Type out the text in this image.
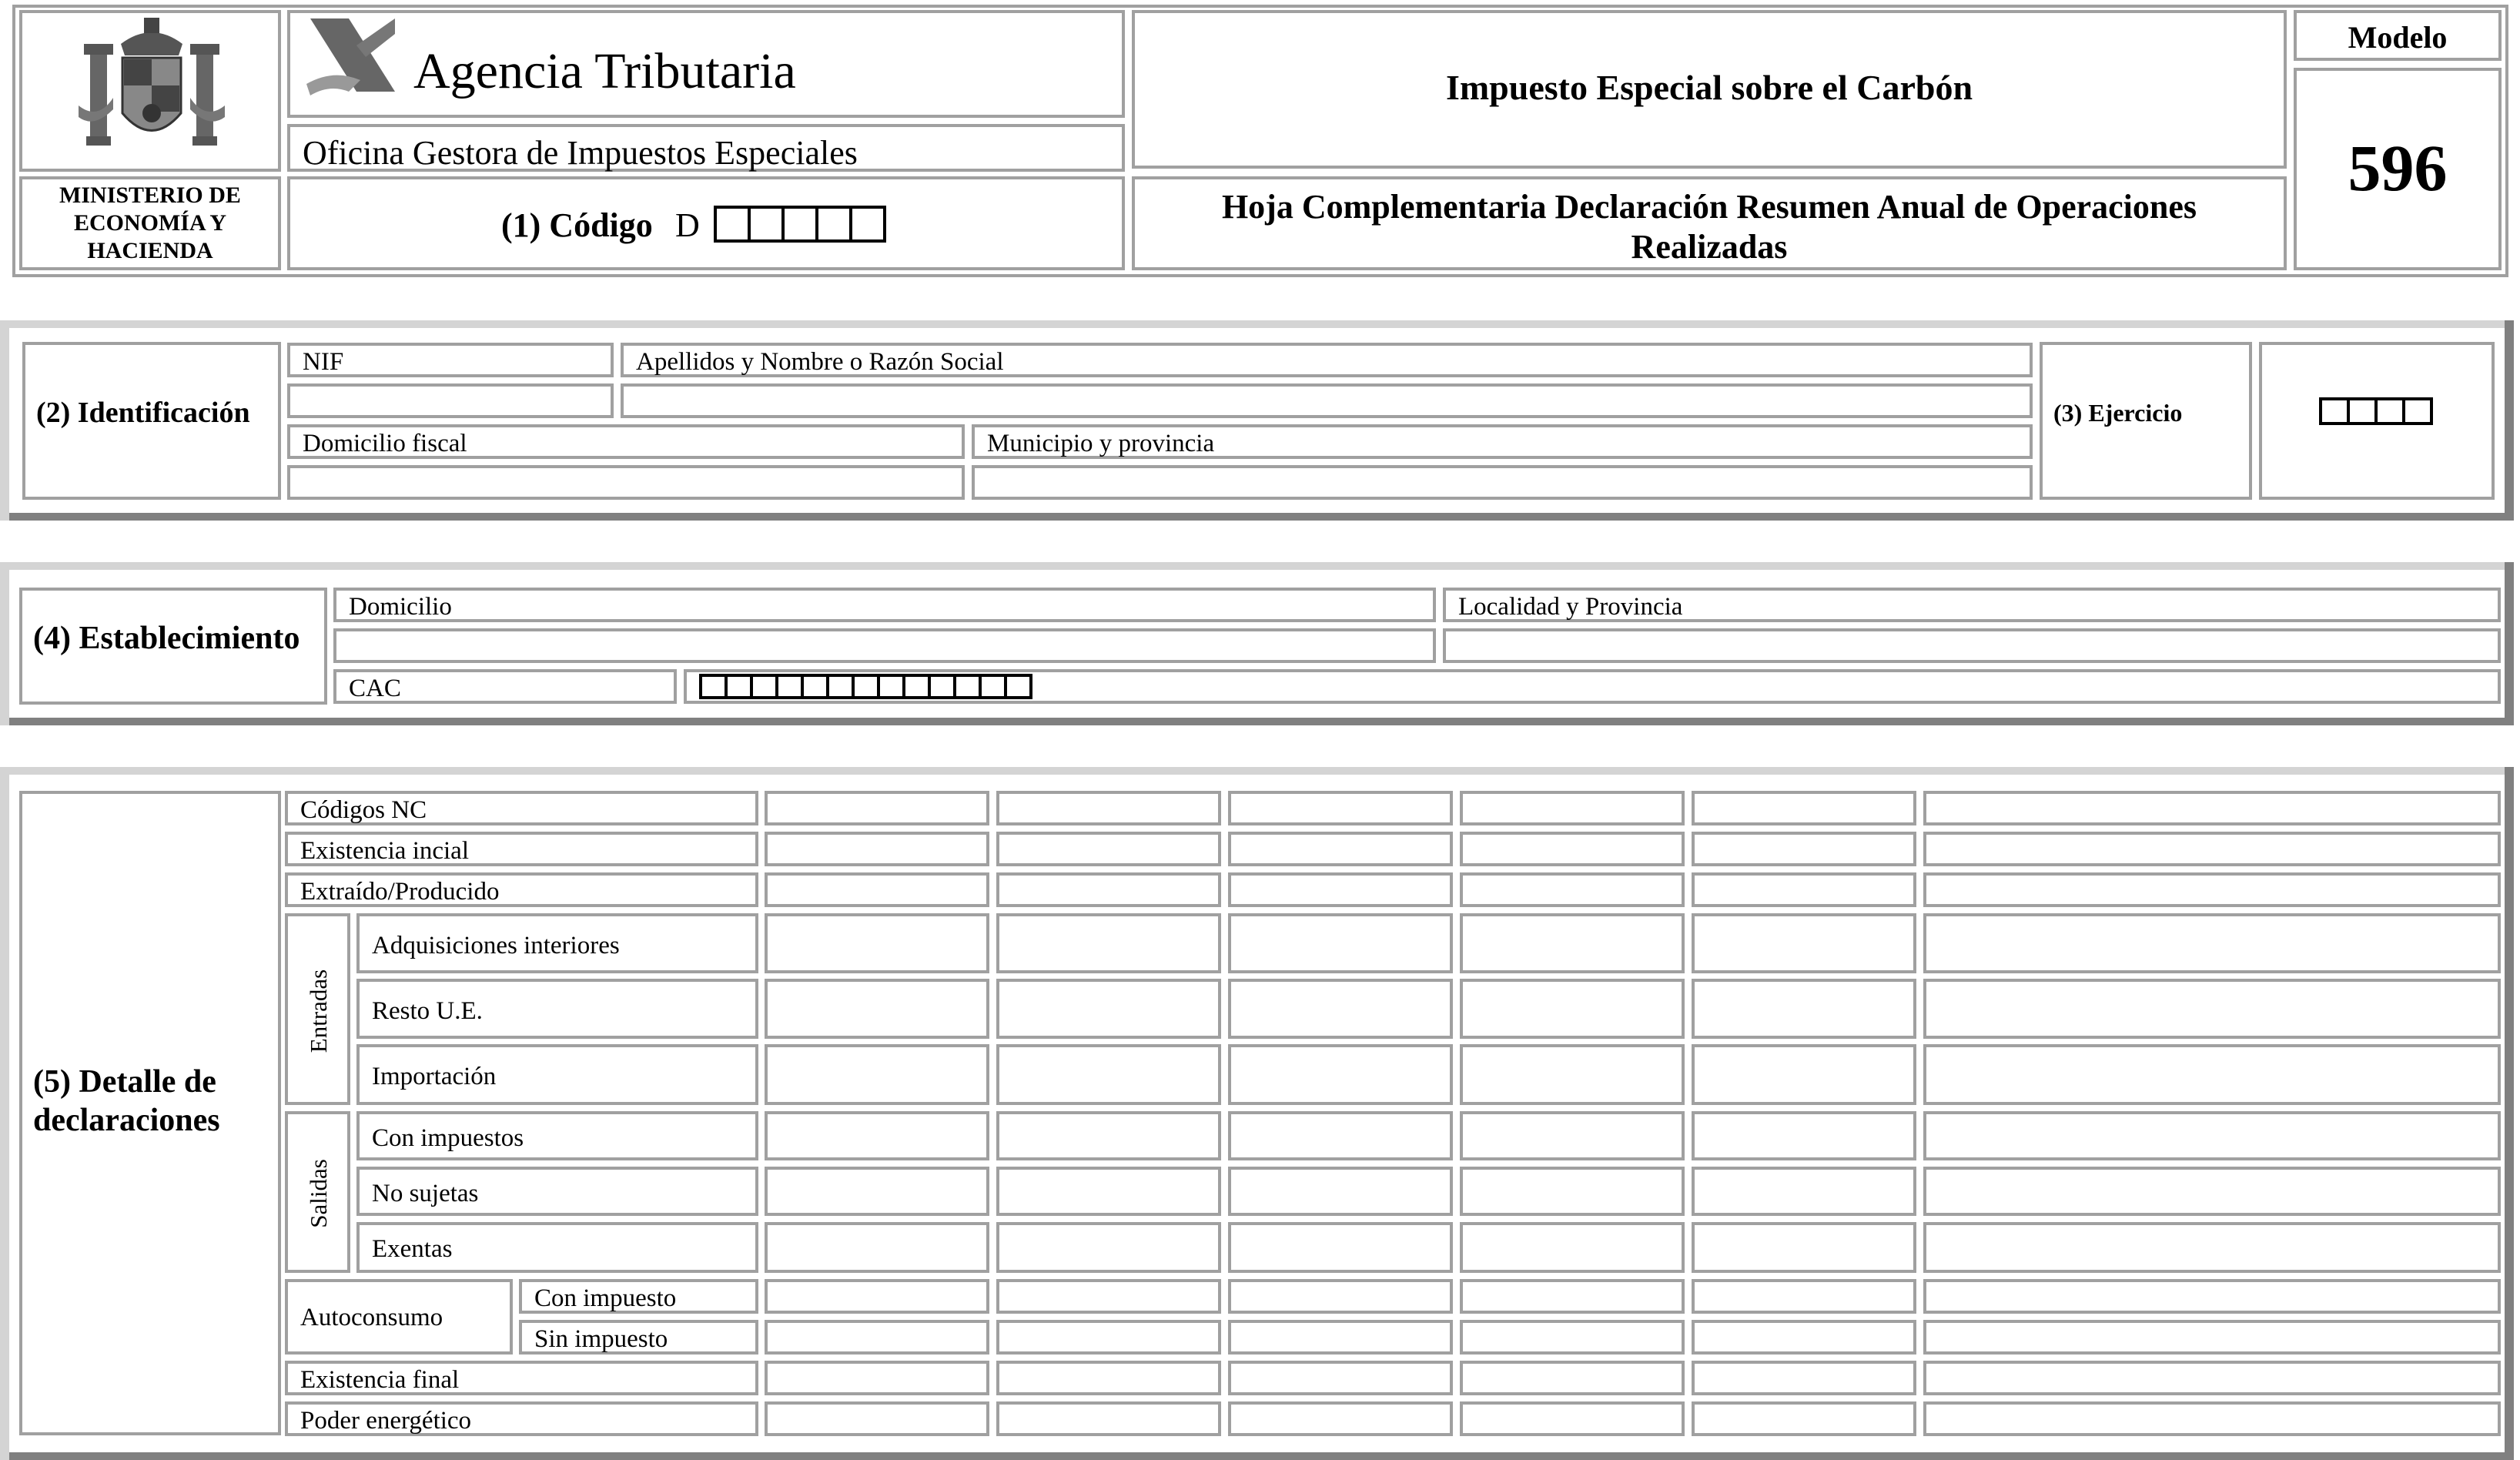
MINISTERIO DE
ECONOMÍA Y
HACIENDA
Agencia Tributaria
Oficina Gestora de Impuestos Especiales
(1) Código D
Impuesto Especial sobre el Carbón
Hoja Complementaria Declaración Resumen Anual de Operaciones
Realizadas
Modelo
596
(2) Identificación
NIF	Apellidos y Nombre o Razón Social
Domicilio fiscal	Municipio y provincia
(3) Ejercicio
(4) Establecimiento
Domicilio	Localidad y Provincia
CAC
(5) Detalle de
declaraciones
Códigos NC
Existencia incial
Extraído/Producido
Entradas
Adquisiciones interiores
Resto U.E.
Importación
Salidas
Con impuestos
No sujetas
Exentas
Autoconsumo
Con impuesto
Sin impuesto
Existencia final
Poder energético
